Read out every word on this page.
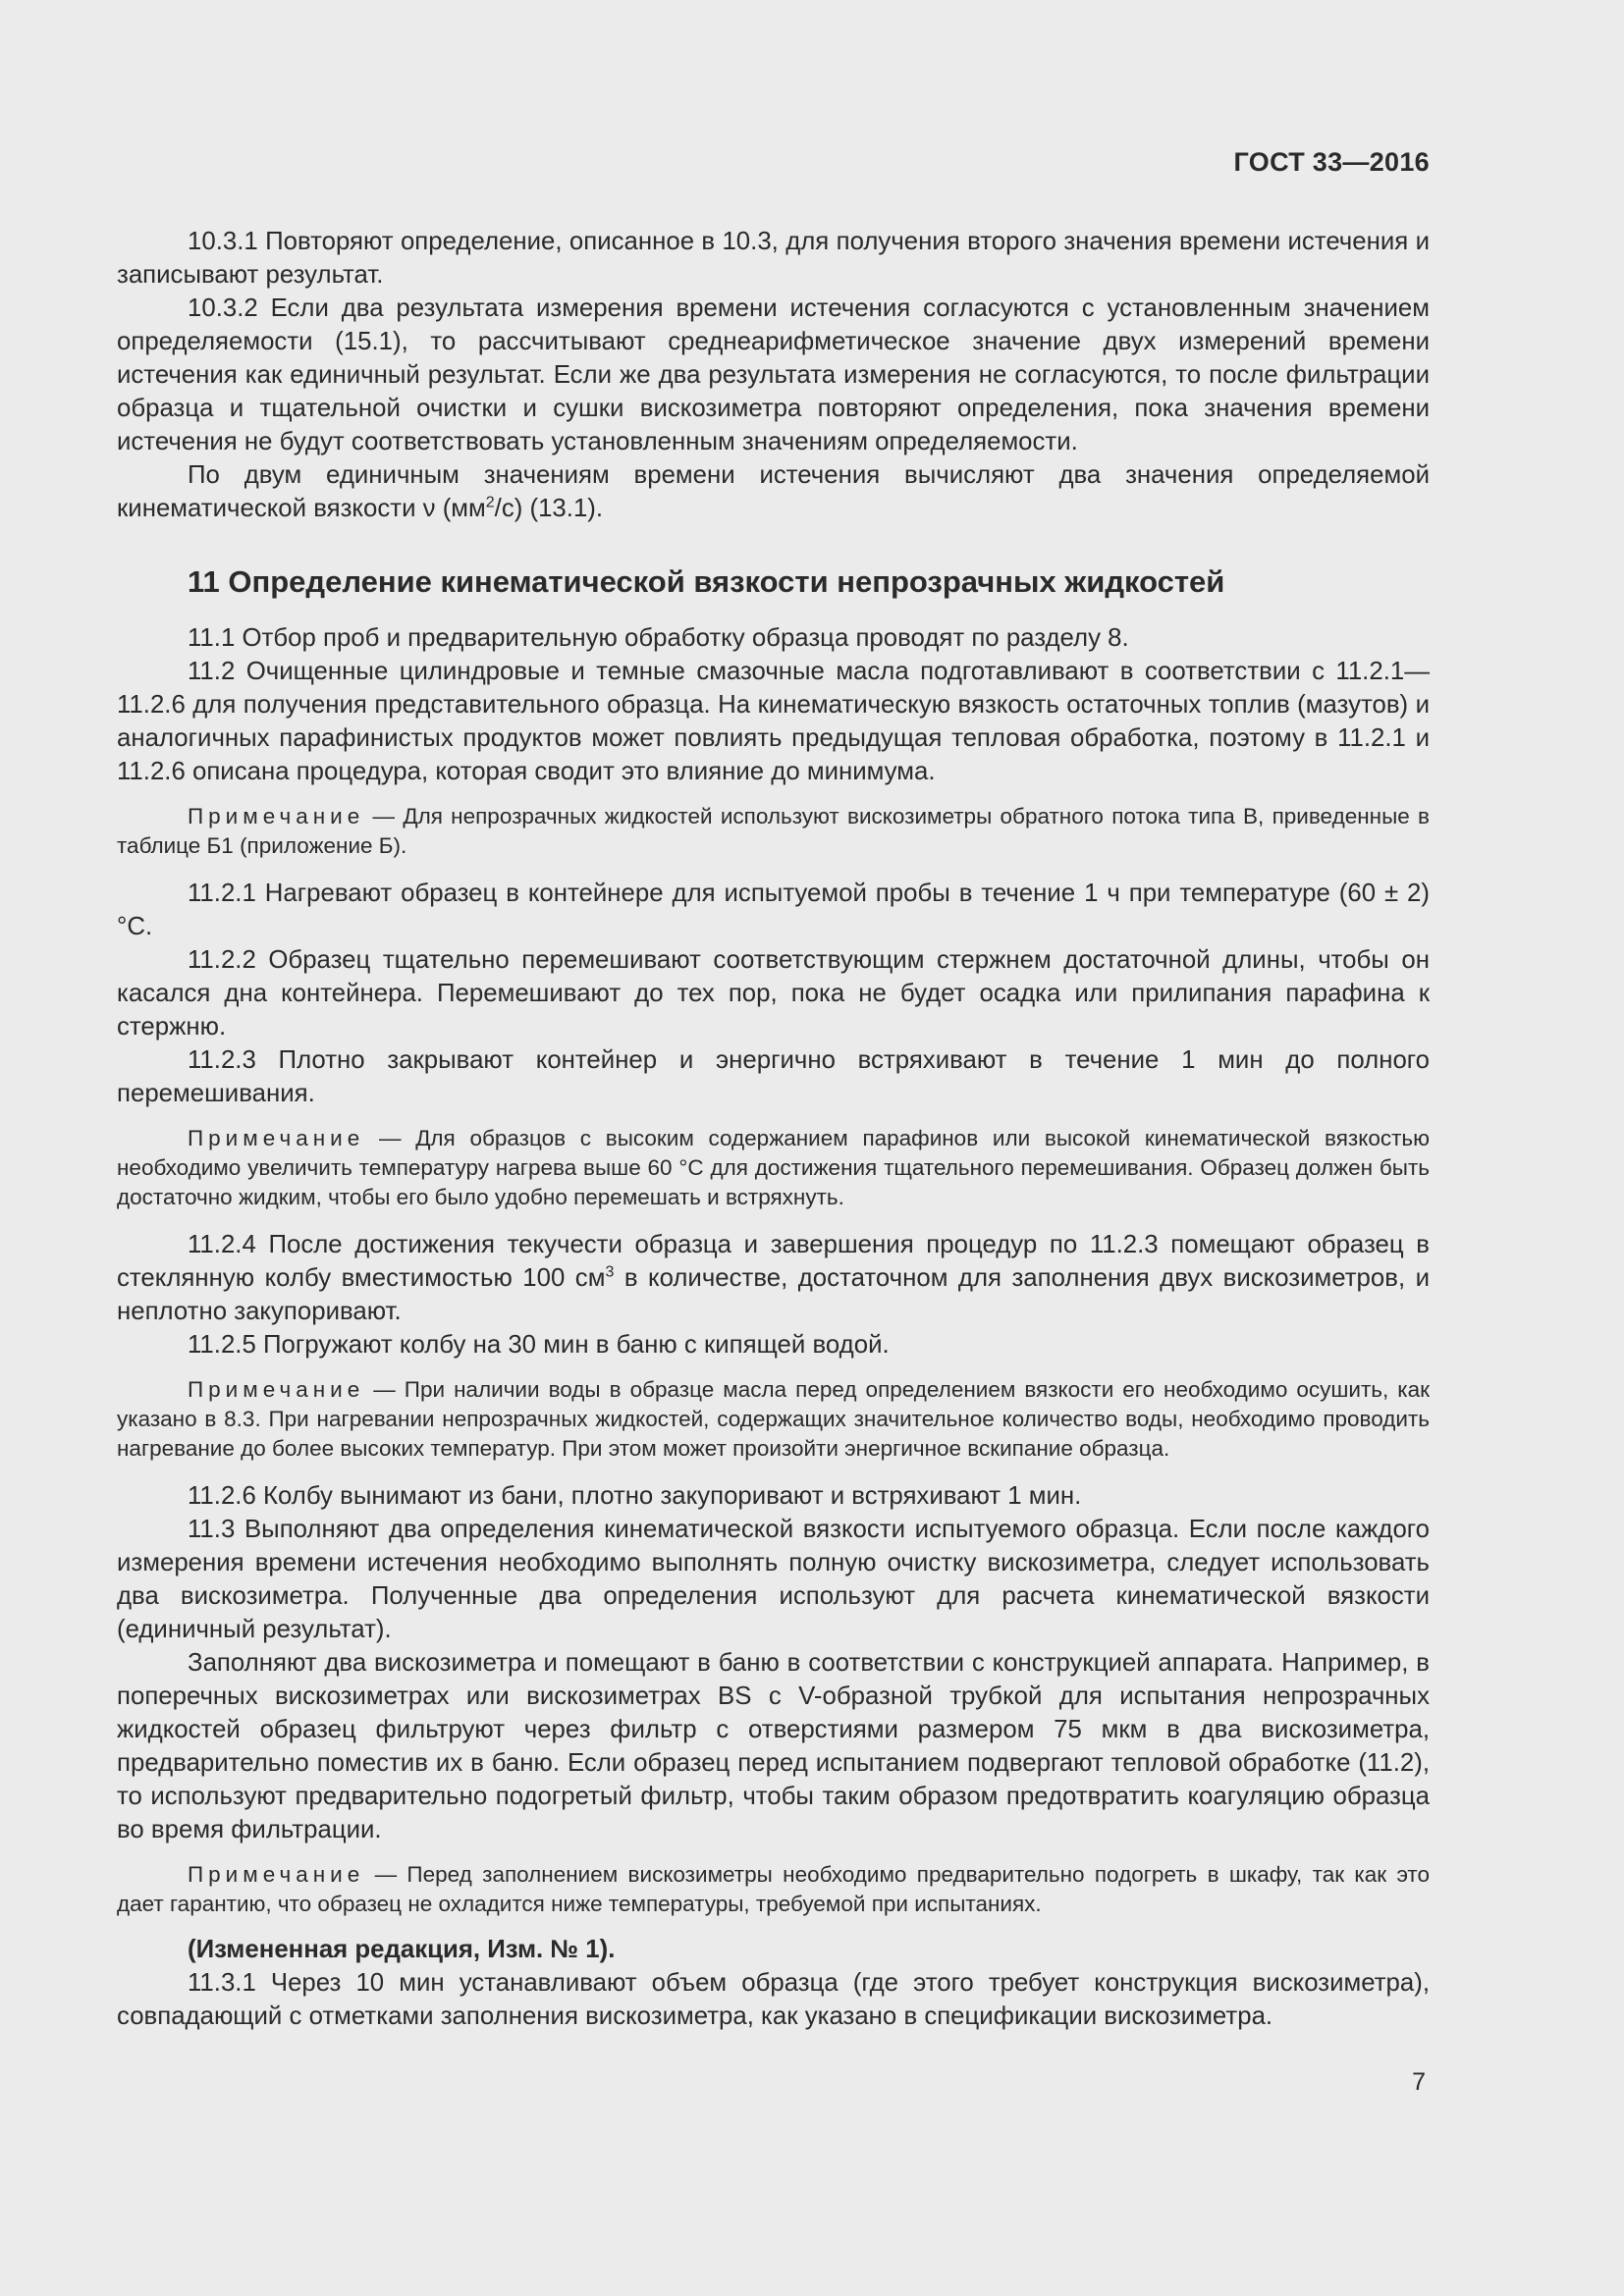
ГОСТ 33—2016

10.3.1 Повторяют определение, описанное в 10.3, для получения второго значения времени истечения и записывают результат.

10.3.2 Если два результата измерения времени истечения согласуются с установленным значением определяемости (15.1), то рассчитывают среднеарифметическое значение двух измерений времени истечения как единичный результат. Если же два результата измерения не согласуются, то после фильтрации образца и тщательной очистки и сушки вискозиметра повторяют определения, пока значения времени истечения не будут соответствовать установленным значениям определяемости.

По двум единичным значениям времени истечения вычисляют два значения определяемой кинематической вязкости ν $(мм^2/с)$ (13.1).

11 Определение кинематической вязкости непрозрачных жидкостей

11.1 Отбор проб и предварительную обработку образца проводят по разделу 8.

11.2 Очищенные цилиндровые и темные смазочные масла подготавливают в соответствии с 11.2.1—11.2.6 для получения представительного образца. На кинематическую вязкость остаточных топлив (мазутов) и аналогичных парафинистых продуктов может повлиять предыдущая тепловая обработка, поэтому в 11.2.1 и 11.2.6 описана процедура, которая сводит это влияние до минимума.

Примечание — Для непрозрачных жидкостей используют вискозиметры обратного потока типа В, приведенные в таблице Б1 (приложение Б).

11.2.1 Нагревают образец в контейнере для испытуемой пробы в течение 1 ч при температуре (60 ± 2) °С.

11.2.2 Образец тщательно перемешивают соответствующим стержнем достаточной длины, чтобы он касался дна контейнера. Перемешивают до тех пор, пока не будет осадка или прилипания парафина к стержню.

11.2.3 Плотно закрывают контейнер и энергично встряхивают в течение 1 мин до полного перемешивания.

Примечание — Для образцов с высоким содержанием парафинов или высокой кинематической вязкостью необходимо увеличить температуру нагрева выше 60 °С для достижения тщательного перемешивания. Образец должен быть достаточно жидким, чтобы его было удобно перемешать и встряхнуть.

11.2.4 После достижения текучести образца и завершения процедур по 11.2.3 помещают образец в стеклянную колбу вместимостью 100 $см^3$ в количестве, достаточном для заполнения двух вискозиметров, и неплотно закупоривают.

11.2.5 Погружают колбу на 30 мин в баню с кипящей водой.

Примечание — При наличии воды в образце масла перед определением вязкости его необходимо осушить, как указано в 8.3. При нагревании непрозрачных жидкостей, содержащих значительное количество воды, необходимо проводить нагревание до более высоких температур. При этом может произойти энергичное вскипание образца.

11.2.6 Колбу вынимают из бани, плотно закупоривают и встряхивают 1 мин.

11.3 Выполняют два определения кинематической вязкости испытуемого образца. Если после каждого измерения времени истечения необходимо выполнять полную очистку вискозиметра, следует использовать два вискозиметра. Полученные два определения используют для расчета кинематической вязкости (единичный результат).

Заполняют два вискозиметра и помещают в баню в соответствии с конструкцией аппарата. Например, в поперечных вискозиметрах или вискозиметрах BS с V-образной трубкой для испытания непрозрачных жидкостей образец фильтруют через фильтр с отверстиями размером 75 мкм в два вискозиметра, предварительно поместив их в баню. Если образец перед испытанием подвергают тепловой обработке (11.2), то используют предварительно подогретый фильтр, чтобы таким образом предотвратить коагуляцию образца во время фильтрации.

Примечание — Перед заполнением вискозиметры необходимо предварительно подогреть в шкафу, так как это дает гарантию, что образец не охладится ниже температуры, требуемой при испытаниях.

(Измененная редакция, Изм. № 1).

11.3.1 Через 10 мин устанавливают объем образца (где этого требует конструкция вискозиметра), совпадающий с отметками заполнения вискозиметра, как указано в спецификации вискозиметра.

7
